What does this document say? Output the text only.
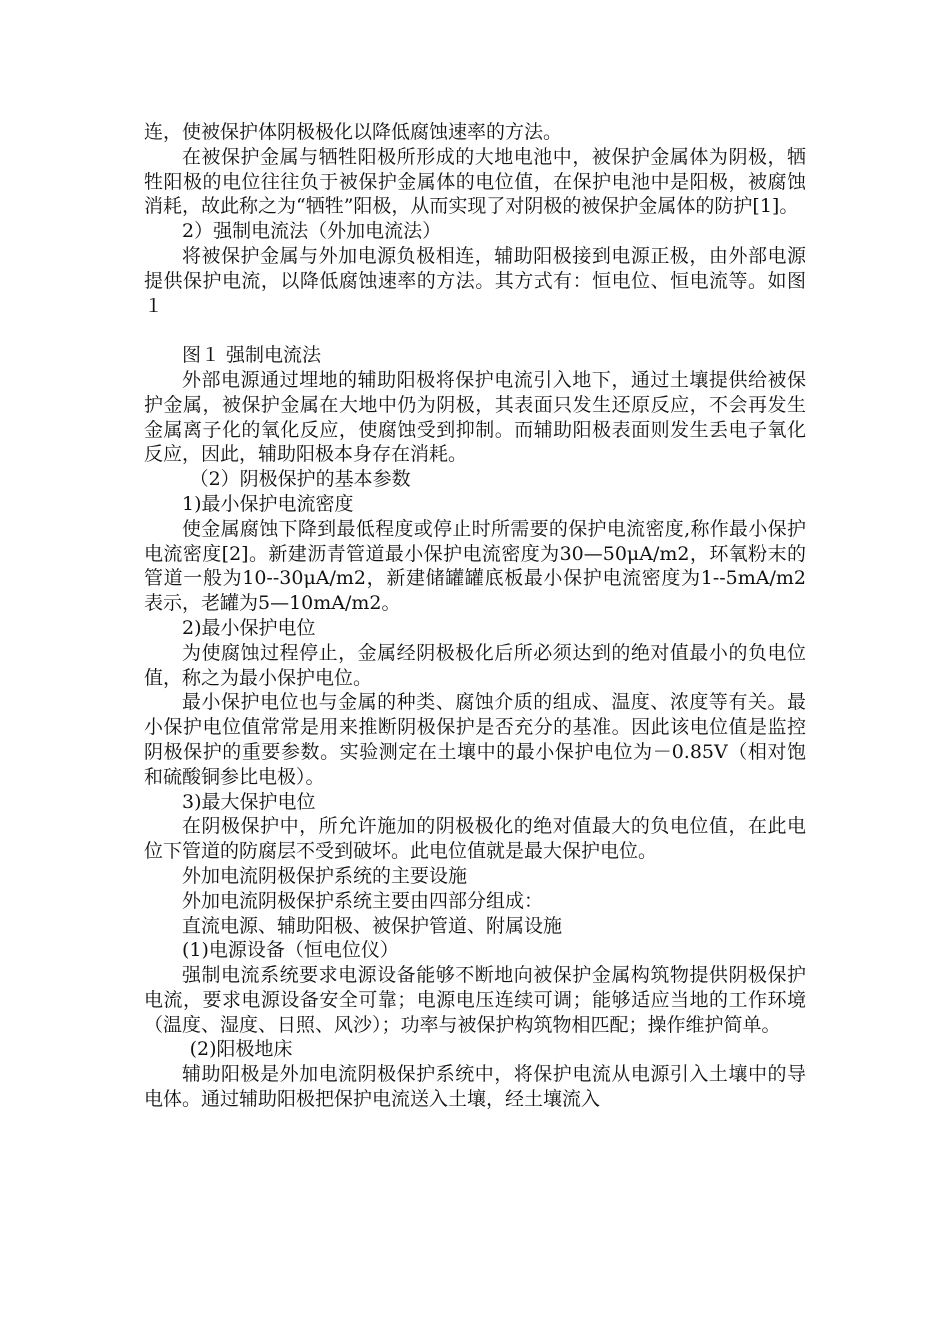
连，使被保护体阴极极化以降低腐蚀速率的方法。

在被保护金属与牺牲阳极所形成的大地电池中，被保护金属体为阴极，牺牲阳极的电位往往负于被保护金属体的电位值，在保护电池中是阳极，被腐蚀消耗，故此称之为“牺牲”阳极，从而实现了对阴极的被保护金属体的防护[1]。

2）强制电流法（外加电流法）

将被保护金属与外加电源负极相连，辅助阳极接到电源正极，由外部电源提供保护电流，以降低腐蚀速率的方法。其方式有：恒电位、恒电流等。如图１

图１ 强制电流法

外部电源通过埋地的辅助阳极将保护电流引入地下，通过土壤提供给被保护金属，被保护金属在大地中仍为阴极，其表面只发生还原反应，不会再发生金属离子化的氧化反应，使腐蚀受到抑制。而辅助阳极表面则发生丢电子氧化反应，因此，辅助阳极本身存在消耗。

（2）阴极保护的基本参数

1)最小保护电流密度

使金属腐蚀下降到最低程度或停止时所需要的保护电流密度,称作最小保护电流密度[2]。新建沥青管道最小保护电流密度为30—50μA/m2，环氧粉末的管道一般为10--30μA/m2，新建储罐罐底板最小保护电流密度为1--5mA/m2表示，老罐为5—10mA/m2。

2)最小保护电位

为使腐蚀过程停止，金属经阴极极化后所必须达到的绝对值最小的负电位值，称之为最小保护电位。

最小保护电位也与金属的种类、腐蚀介质的组成、温度、浓度等有关。最小保护电位值常常是用来推断阴极保护是否充分的基准。因此该电位值是监控阴极保护的重要参数。实验测定在土壤中的最小保护电位为－0.85V（相对饱和硫酸铜参比电极）。

3)最大保护电位

在阴极保护中，所允许施加的阴极极化的绝对值最大的负电位值，在此电位下管道的防腐层不受到破坏。此电位值就是最大保护电位。

外加电流阴极保护系统的主要设施

外加电流阴极保护系统主要由四部分组成：

直流电源、辅助阳极、被保护管道、附属设施

(1)电源设备（恒电位仪）

强制电流系统要求电源设备能够不断地向被保护金属构筑物提供阴极保护电流，要求电源设备安全可靠；电源电压连续可调；能够适应当地的工作环境（温度、湿度、日照、风沙）；功率与被保护构筑物相匹配；操作维护简单。

(2)阳极地床

辅助阳极是外加电流阴极保护系统中，将保护电流从电源引入土壤中的导电体。通过辅助阳极把保护电流送入土壤，经土壤流入
